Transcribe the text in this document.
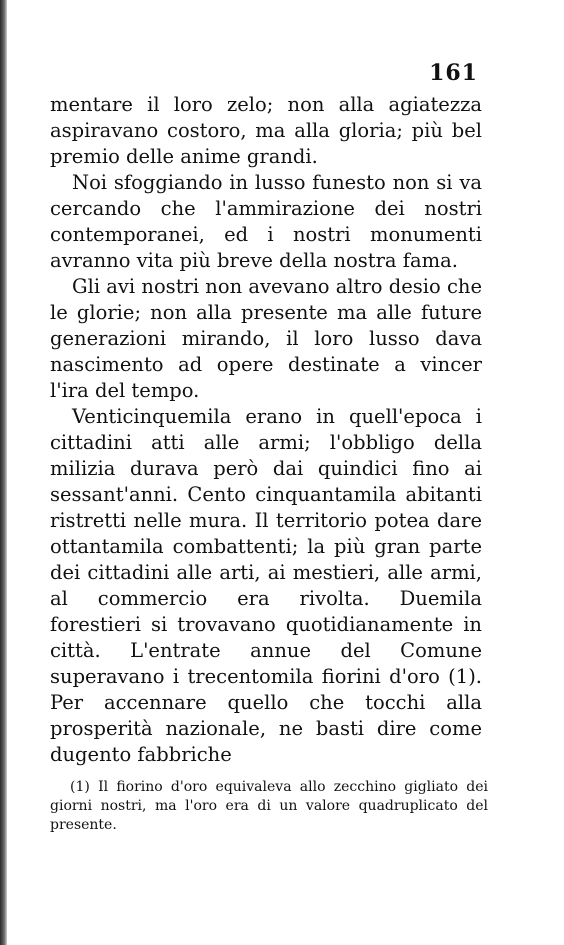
161

mentare il loro zelo; non alla agiatezza aspiravano costoro, ma alla gloria; più bel premio delle anime grandi.

Noi sfoggiando in lusso funesto non si va cercando che l'ammirazione dei nostri contemporanei, ed i nostri monumenti avranno vita più breve della nostra fama.

Gli avi nostri non avevano altro desio che le glorie; non alla presente ma alle future generazioni mirando, il loro lusso dava nascimento ad opere destinate a vincer l'ira del tempo.

Venticinquemila erano in quell'epoca i cittadini atti alle armi; l'obbligo della milizia durava però dai quindici fino ai sessant'anni. Cento cinquantamila abitanti ristretti nelle mura. Il territorio potea dare ottantamila combattenti; la più gran parte dei cittadini alle arti, ai mestieri, alle armi, al commercio era rivolta. Duemila forestieri si trovavano quotidianamente in città. L'entrate annue del Comune superavano i trecentomila fiorini d'oro (1). Per accennare quello che tocchi alla prosperità nazionale, ne basti dire come dugento fabbriche

(1) Il fiorino d'oro equivaleva allo zecchino gigliato dei giorni nostri, ma l'oro era di un valore quadruplicato del presente.
